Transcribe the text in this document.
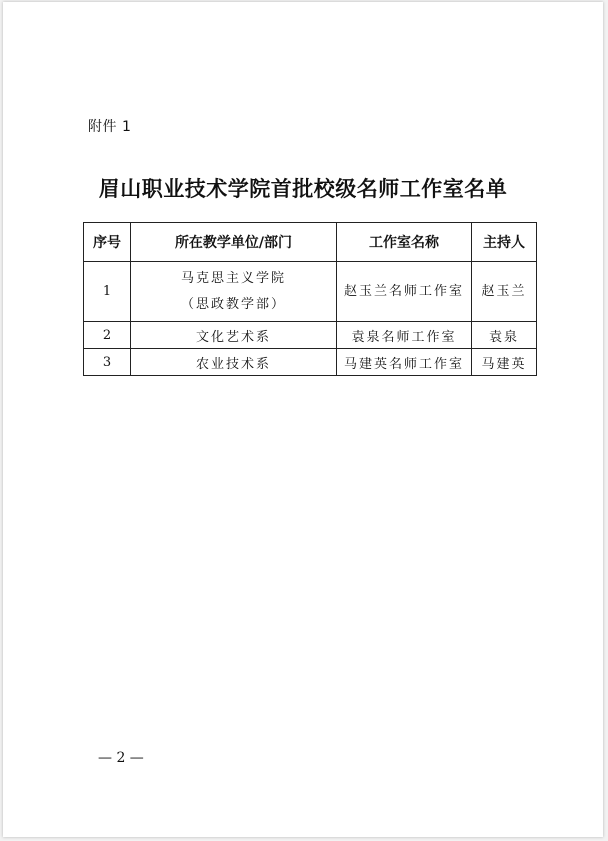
附件 1
眉山职业技术学院首批校级名师工作室名单
序号	所在教学单位/部门	工作室名称	主持人
1	马克思主义学院
（思政教学部）	赵玉兰名师工作室	赵玉兰
2	文化艺术系	袁泉名师工作室	袁泉
3	农业技术系	马建英名师工作室	马建英
— 2 —
